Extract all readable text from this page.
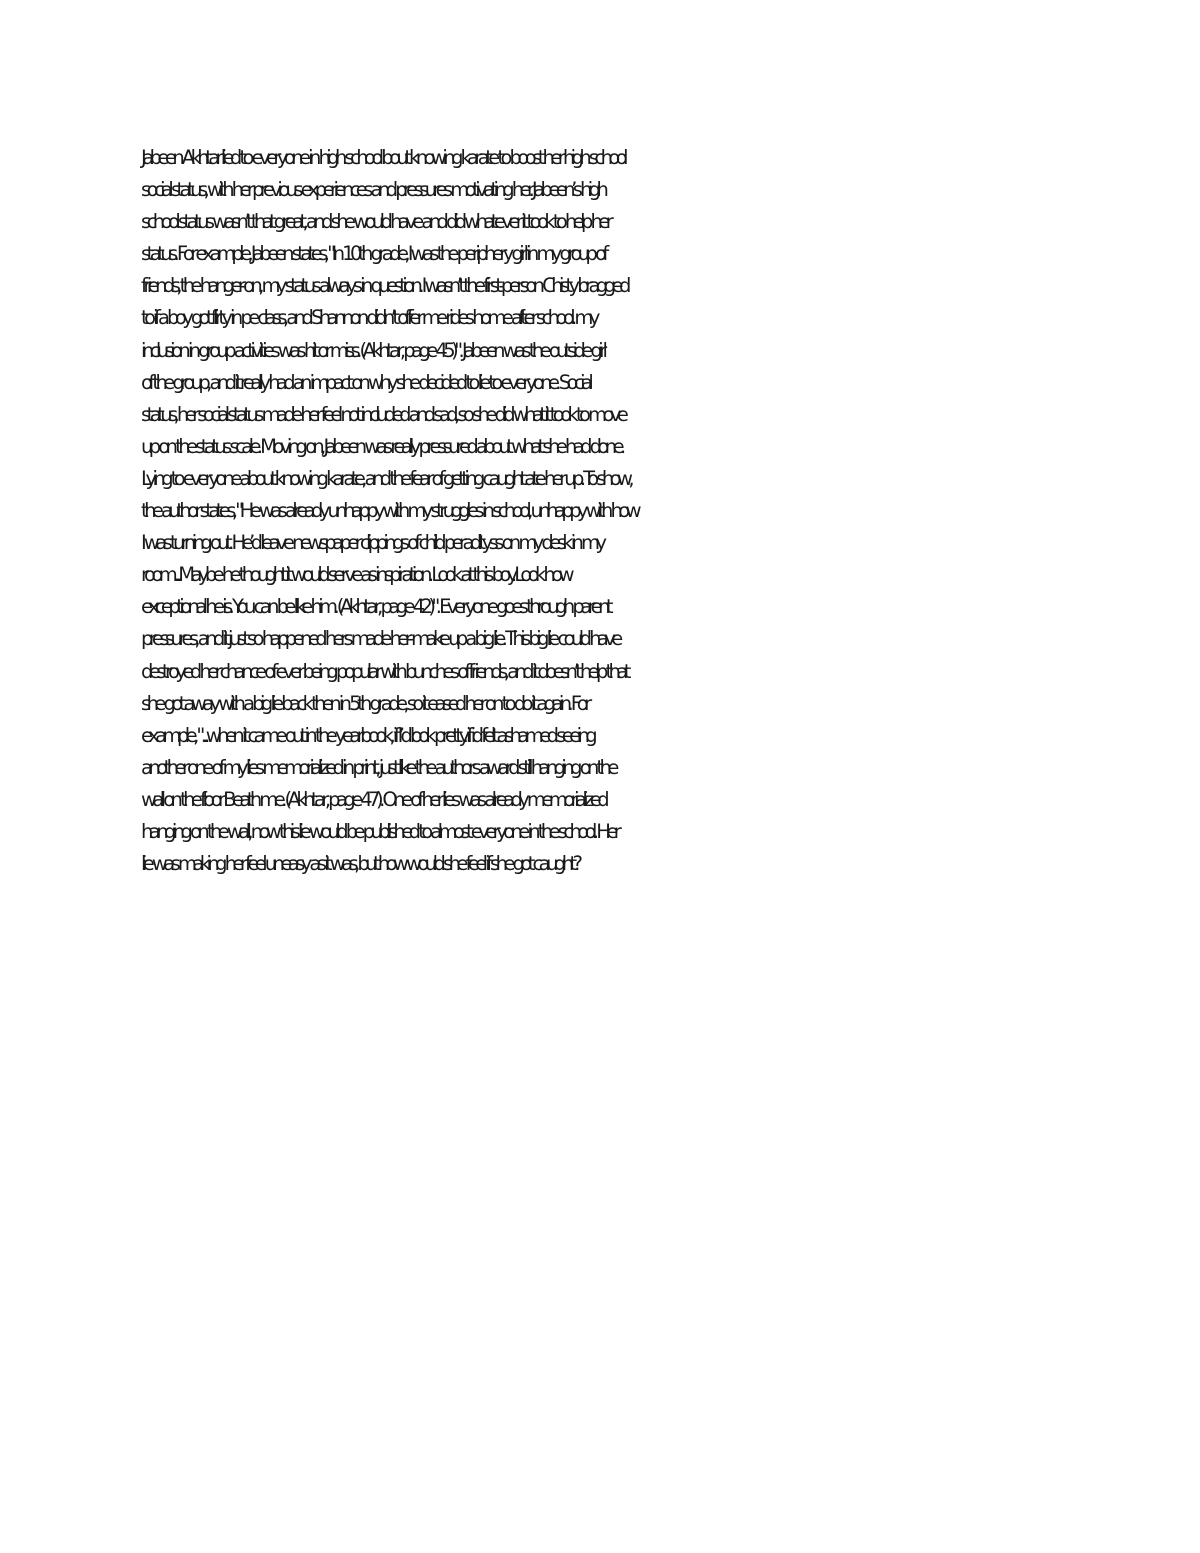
Jabeen Akhtar lied to everyone in high school bout knowing karate to boost her high school
social status, with her previous experiences and pressures motivating her. Jabeen’s high
school status wasn’t that great, and she would have and did whatever it took to help her
status. For example, Jabeen states, "In 10th grade, I was the periphery girl in my group of
friends, the hanger-on, my status always in question. I wasn’t the first-person Chisty bragged
to if a boy got flirty in pe class, and Shannon didn’t offer me rides home after school. my
inclusion in group activities was hit or miss. (Akhtar, page 45)". Jabeen was the outside girl
of the group, and it really had an impact on why she decided to lie to everyone. Social
status, her social status made her feel not included and sad, so she did what it took to move
up on the status scale. Moving on, Jabeen was really pressured about what she had done.
Lying to everyone about knowing karate, and the fear of getting caught ate her up. To show,
the author states, "He was already unhappy with my struggles in school, unhappy with how
I was turning out. He’d leave newspaper clippings of child peradityss on my desk in my
room...Maybe he thought it would serve as inspiration. Look at this boy. Look how
exceptional he is. You can be like him. (Akhtar, page 42)". Everyone goes through parent
pressures, and it just so happened hers made her- make up a big lie. This big lie could have
destroyed her chance of ever being popular with bunches of friends, and it doesn’t help that
she got away with a big lie back then in 5th grade, so it eased her on to do it again. For
example, "...when it came out in the yearbook, if I’d look pretty. if id felt ashamed seeing
another one of my lies memorialized in print, just like the authors award still hanging on the
wall on the floor Beath me. (Akhtar, page 47). One of her lies was already memorialized
hanging on the wall, now this lie would be published to almost everyone in the school. Her
lie was making her feel uneasy as it was, but how would she feel if she got caught?
